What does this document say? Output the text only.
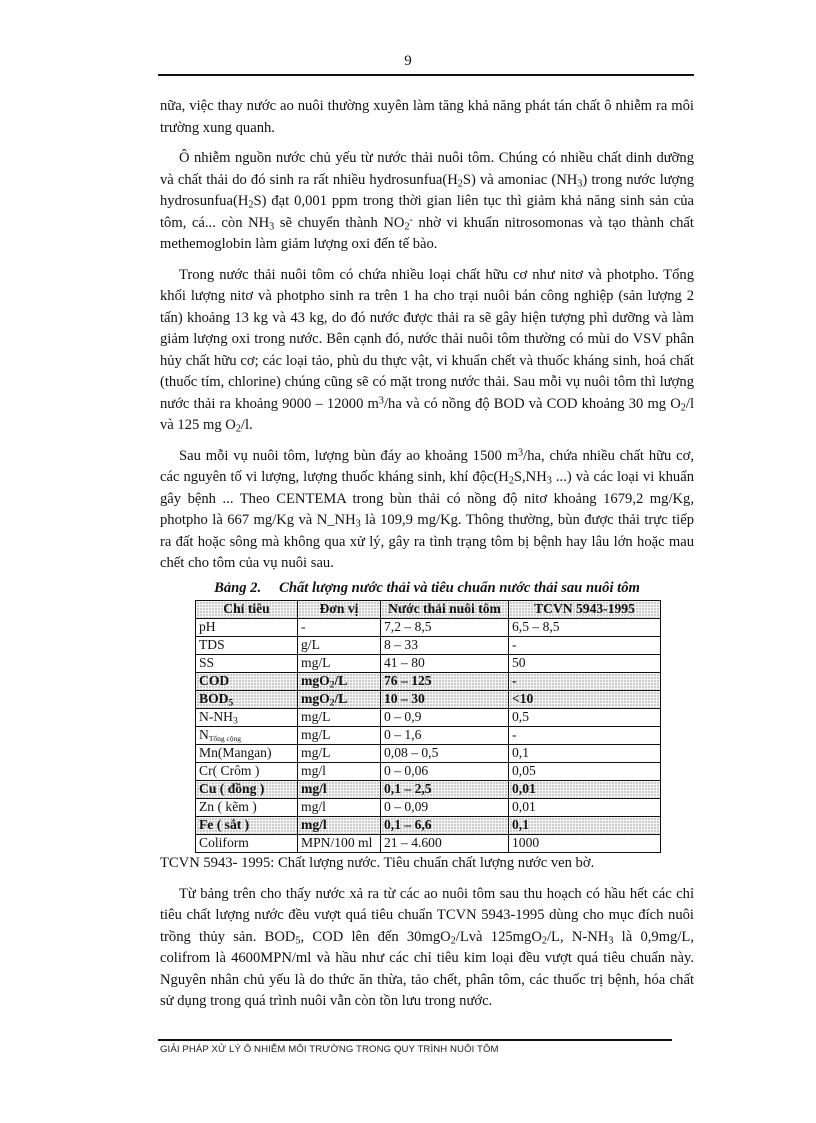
9

nữa, việc thay nước ao nuôi thường xuyên làm tăng khả năng phát tán chất ô nhiễm ra môi trường xung quanh.

Ô nhiễm nguồn nước chủ yếu từ nước thải nuôi tôm. Chúng có nhiều chất dinh dưỡng và chất thải do đó sinh ra rất nhiều $hydrosunfua(H_2S)$ và amoniac $(NH_3)$ trong nước lượng $hydrosunfua(H_2S)$ đạt 0,001 ppm trong thời gian liên tục thì giảm khả năng sinh sản của tôm, cá... còn $NH_3$ sẽ chuyển thành $NO_2^-$ nhờ vi khuẩn nitrosomonas và tạo thành chất methemoglobin làm giảm lượng oxi đến tế bào.

Trong nước thải nuôi tôm có chứa nhiều loại chất hữu cơ như nitơ và photpho. Tổng khối lượng nitơ và photpho sinh ra trên 1 ha cho trại nuôi bán công nghiệp (sản lượng 2 tấn) khoảng 13 kg và 43 kg, do đó nước được thải ra sẽ gây hiện tượng phì dưỡng và làm giảm lượng oxi trong nước. Bên cạnh đó, nước thải nuôi tôm thường có mùi do VSV phân hủy chất hữu cơ; các loại tảo, phù du thực vật, vi khuẩn chết và thuốc kháng sinh, hoá chất (thuốc tím, chlorine) chúng cũng sẽ có mặt trong nước thải. Sau mỗi vụ nuôi tôm thì lượng nước thải ra khoảng 9000 – 12000 $m^3/ha$ và có nồng độ BOD và COD khoảng 30 mg $O_2/l$ và 125 mg $O_2/l$.

Sau mỗi vụ nuôi tôm, lượng bùn đáy ao khoảng 1500 $m^3/ha$, chứa nhiều chất hữu cơ, các nguyên tố vi lượng, lượng thuốc kháng sinh, khí $độc(H_2S,NH_3$ ...) và các loại vi khuẩn gây bệnh ... Theo CENTEMA trong bùn thải có nồng độ nitơ khoảng 1679,2 mg/Kg, photpho là 667 mg/Kg và $N\_NH_3$ là 109,9 mg/Kg. Thông thường, bùn được thải trực tiếp ra đất hoặc sông mà không qua xử lý, gây ra tình trạng tôm bị bệnh hay lâu lớn hoặc mau chết cho tôm của vụ nuôi sau.

Bảng 2. Chất lượng nước thải và tiêu chuẩn nước thải sau nuôi tôm
Chỉ tiêu	Đơn vị	Nước thải nuôi tôm	TCVN 5943-1995
pH	-	7,2 – 8,5	6,5 – 8,5
TDS	g/L	8 – 33	-
SS	mg/L	41 – 80	50
COD	mgO$_2$/L	76 – 125	-
$BOD_5$	mgO$_2$/L	10 – 30	<10
$N-NH_3$	mg/L	0 – 0,9	0,5
$N_{Tổng cộng}$	mg/L	0 – 1,6	-
Mn(Mangan)	mg/L	0,08 – 0,5	0,1
Cr( Crôm )	mg/l	0 – 0,06	0,05
Cu ( đồng )	mg/l	0,1 – 2,5	0,01
Zn ( kẽm )	mg/l	0 – 0,09	0,01
Fe ( sắt )	mg/l	0,1 – 6,6	0,1
Coliform	MPN/100 ml	21 – 4.600	1000

TCVN 5943- 1995: Chất lượng nước. Tiêu chuẩn chất lượng nước ven bờ.

Từ bảng trên cho thấy nước xả ra từ các ao nuôi tôm sau thu hoạch có hầu hết các chỉ tiêu chất lượng nước đều vượt quá tiêu chuẩn TCVN 5943-1995 dùng cho mục đích nuôi trồng thủy sản. $BOD_5$, COD lên đến 30mgO$_2$/Lvà 125mgO$_2$/L, $N-NH_3$ là 0,9mg/L, colifrom là 4600MPN/ml và hầu như các chỉ tiêu kim loại đều vượt quá tiêu chuẩn này. Nguyên nhân chủ yếu là do thức ăn thừa, tảo chết, phân tôm, các thuốc trị bệnh, hóa chất sử dụng trong quá trình nuôi vẫn còn tồn lưu trong nước.

GIẢI PHÁP XỬ LÝ Ô NHIỄM MÔI TRƯỜNG TRONG QUY TRÌNH NUÔI TÔM
